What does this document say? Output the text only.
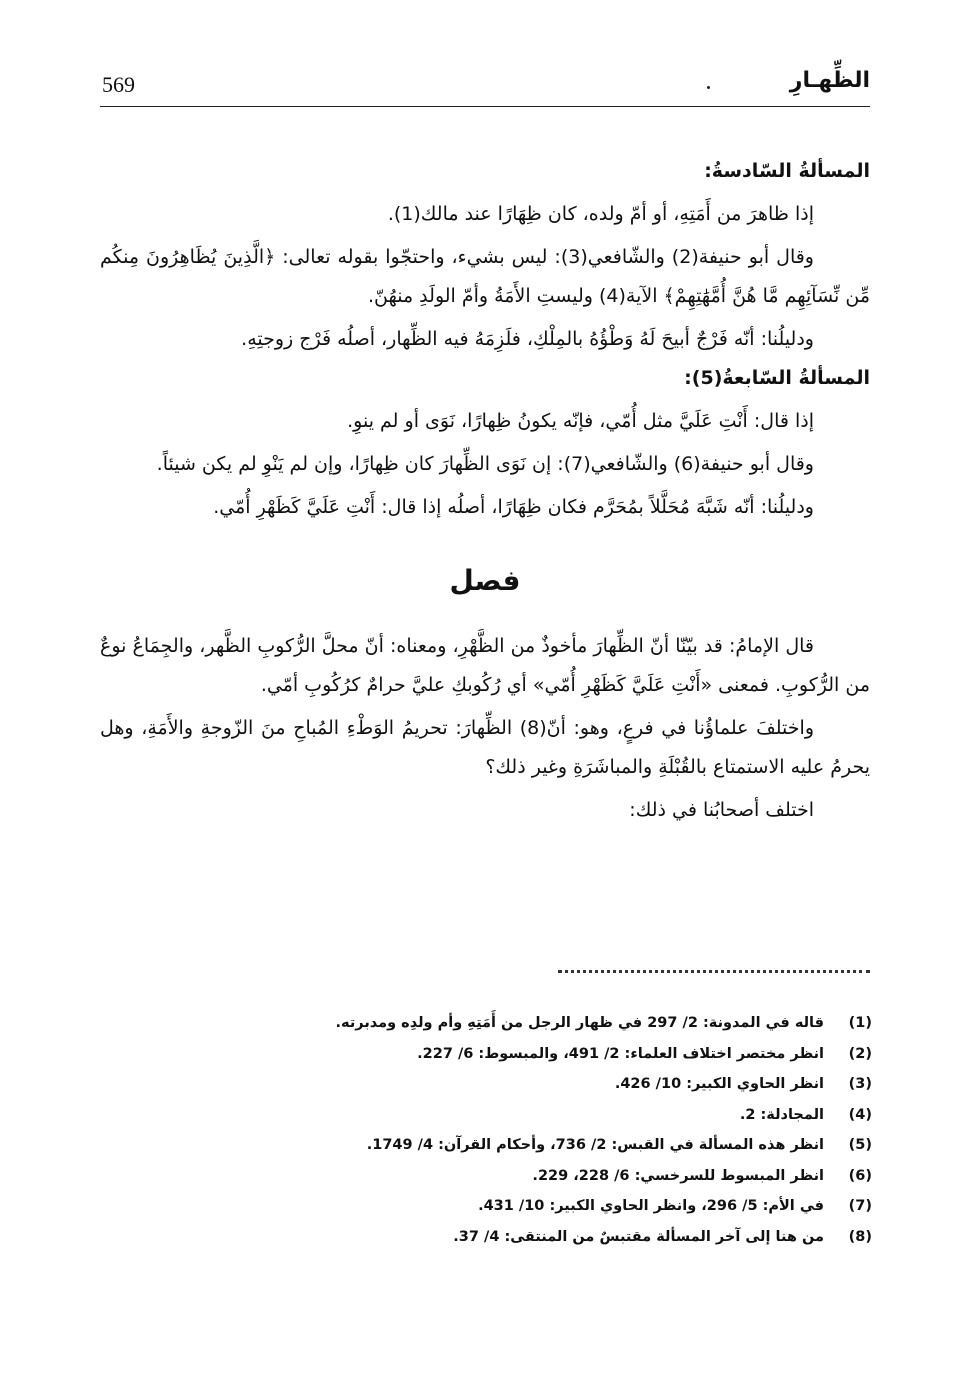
569	الظِّهـارِ

المسألةُ السّادسةُ:

إذا ظاهرَ من أَمَتِهِ، أو أمّ ولده، كان ظِهَارًا عند مالك(1).

وقال أبو حنيفة(2) والشّافعي(3): ليس بشيء، واحتجّوا بقوله تعالى: ﴿الَّذِينَ يُظَاهِرُونَ مِنكُم مِّن نِّسَآئِهِم مَّا هُنَّ أُمَّهَٰتِهِمْ﴾ الآية(4) وليستِ الأَمَةُ وأمّ الولَدِ منهُنّ.

ودليلُنا: أنّه فَرْجٌ أبيحَ لَهُ وَطْؤُهُ بالمِلْكِ، فلَزِمَهُ فيه الظِّهار، أصلُه فَرْج زوجتِهِ.

المسألةُ السّابعةُ(5):

إذا قال: أَنْتِ عَلَيَّ مثل أُمّي، فإنّه يكونُ ظِهارًا، نَوَى أو لم ينوِ.

وقال أبو حنيفة(6) والشّافعي(7): إن نَوَى الظِّهارَ كان ظِهارًا، وإن لم يَنْوِ لم يكن شيئاً.

ودليلُنا: أنّه شَبَّهَ مُحَلَّلاً بمُحَرَّم فكان ظِهَارًا، أصلُه إذا قال: أَنْتِ عَلَيَّ كَظَهْرِ أُمّي.

فصل

قال الإمامُ: قد بيّنّا أنّ الظِّهارَ مأخوذٌ من الظَّهْرِ، ومعناه: أنّ محلَّ الرُّكوبِ الظَّهر، والجِمَاعُ نوعٌ من الرُّكوبِ. فمعنى «أَنْتِ عَلَيَّ كَظَهْرِ أُمّي» أي رُكُوبكِ عليَّ حرامٌ كرُكُوبِ أمّي.

واختلفَ علماؤُنا في فرعٍ، وهو: أنّ(8) الظِّهارَ: تحريمُ الوَطْءِ المُباحِ منَ الزّوجةِ والأَمَةِ، وهل يحرمُ عليه الاستمتاع بالقُبْلَةِ والمباشَرَةِ وغير ذلك؟

اختلف أصحابُنا في ذلك:

(1)
قاله في المدونة: 2/ 297 في ظهار الرجل من أَمَتِهِ وأم ولدِه ومدبرته.
(2)
انظر مختصر اختلاف العلماء: 2/ 491، والمبسوط: 6/ 227.
(3)
انظر الحاوي الكبير: 10/ 426.
(4)
المجادلة: 2.
(5)
انظر هذه المسألة في القبس: 2/ 736، وأحكام القرآن: 4/ 1749.
(6)
انظر المبسوط للسرخسي: 6/ 228، 229.
(7)
في الأم: 5/ 296، وانظر الحاوي الكبير: 10/ 431.
(8)
من هنا إلى آخر المسألة مقتبسٌ من المنتقى: 4/ 37.
